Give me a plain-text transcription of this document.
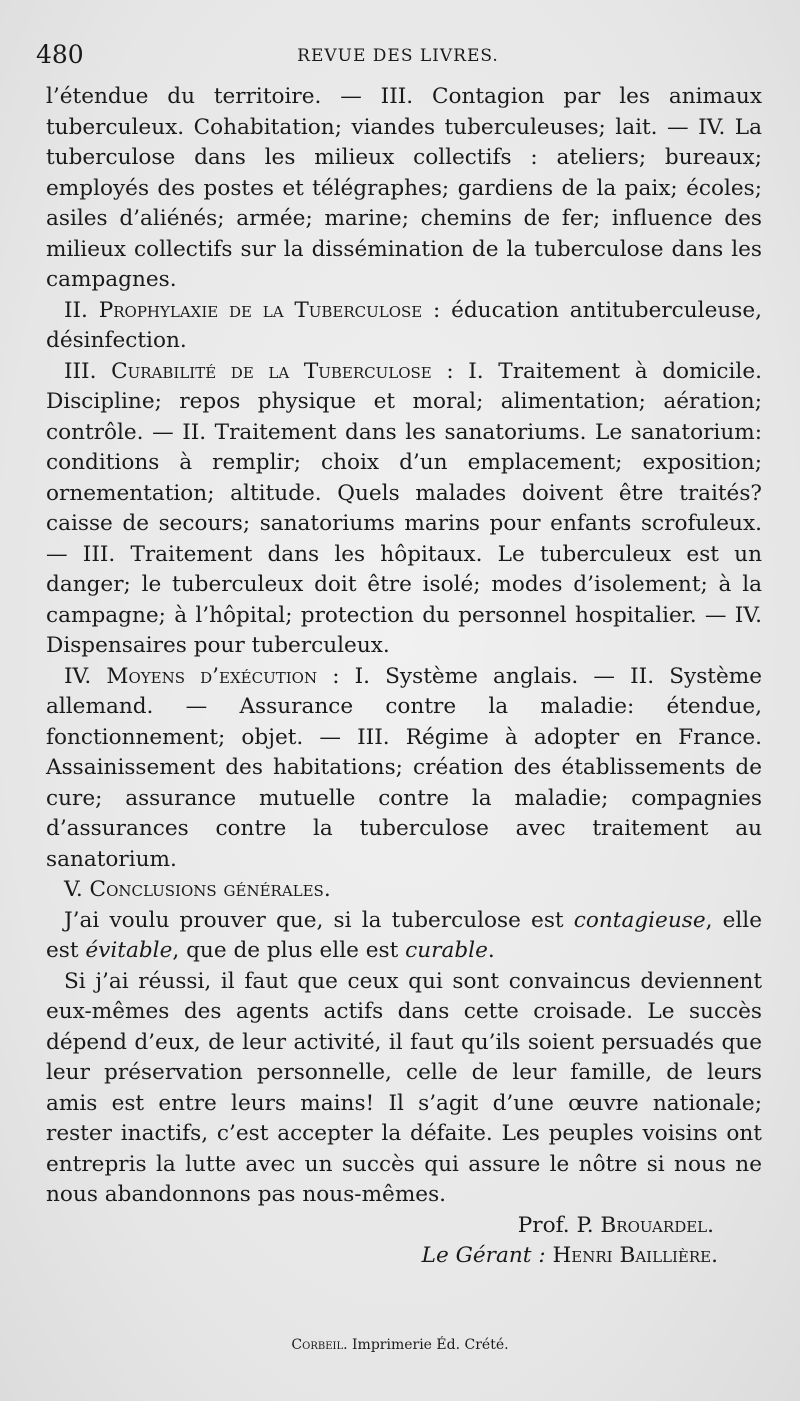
480	REVUE DES LIVRES.

l’étendue du territoire. — III. Contagion par les animaux tuberculeux. Cohabitation; viandes tuberculeuses; lait. — IV. La tuberculose dans les milieux collectifs : ateliers; bureaux; employés des postes et télégraphes; gardiens de la paix; écoles; asiles d’aliénés; armée; marine; chemins de fer; influence des milieux collectifs sur la dissémination de la tuberculose dans les campagnes.

II. Prophylaxie de la Tuberculose : éducation antituberculeuse, désinfection.

III. Curabilité de la Tuberculose : I. Traitement à domicile. Discipline; repos physique et moral; alimentation; aération; contrôle. — II. Traitement dans les sanatoriums. Le sanatorium: conditions à remplir; choix d’un emplacement; exposition; ornementation; altitude. Quels malades doivent être traités? caisse de secours; sanatoriums marins pour enfants scrofuleux. — III. Traitement dans les hôpitaux. Le tuberculeux est un danger; le tuberculeux doit être isolé; modes d’isolement; à la campagne; à l’hôpital; protection du personnel hospitalier. — IV. Dispensaires pour tuberculeux.

IV. Moyens d’exécution : I. Système anglais. — II. Système allemand. — Assurance contre la maladie: étendue, fonctionnement; objet. — III. Régime à adopter en France. Assainissement des habitations; création des établissements de cure; assurance mutuelle contre la maladie; compagnies d’assurances contre la tuberculose avec traitement au sanatorium.

V. Conclusions générales.

J’ai voulu prouver que, si la tuberculose est contagieuse, elle est évitable, que de plus elle est curable.

Si j’ai réussi, il faut que ceux qui sont convaincus deviennent eux-mêmes des agents actifs dans cette croisade. Le succès dépend d’eux, de leur activité, il faut qu’ils soient persuadés que leur préservation personnelle, celle de leur famille, de leurs amis est entre leurs mains! Il s’agit d’une œuvre nationale; rester inactifs, c’est accepter la défaite. Les peuples voisins ont entrepris la lutte avec un succès qui assure le nôtre si nous ne nous abandonnons pas nous-mêmes.

Prof. P. Brouardel.

Le Gérant : Henri Baillière.

Corbeil. Imprimerie Éd. Crété.
